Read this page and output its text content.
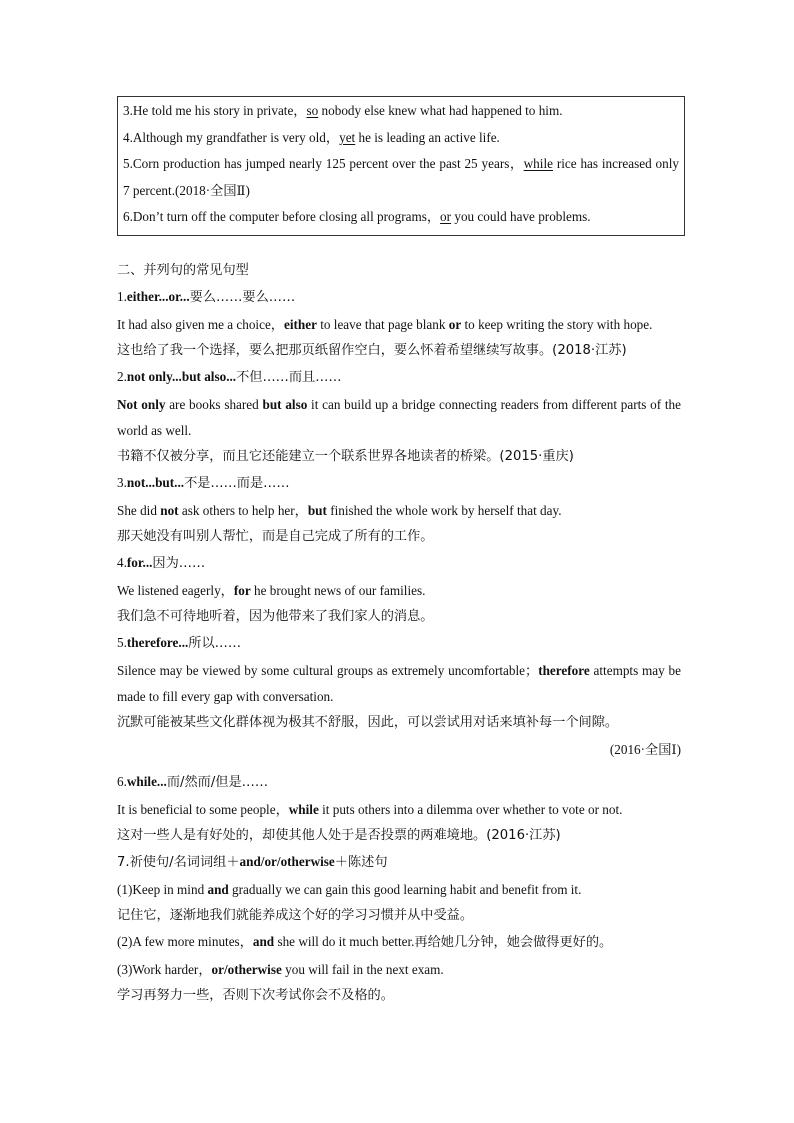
3.He told me his story in private，so nobody else knew what had happened to him.

4.Although my grandfather is very old，yet he is leading an active life.

5.Corn production has jumped nearly 125 percent over the past 25 years，while rice has increased only 7 percent.(2018·全国Ⅱ)

6.Don’t turn off the computer before closing all programs，or you could have problems.

二、并列句的常见句型

1.either...or...要么……要么……

It had also given me a choice，either to leave that page blank or to keep writing the story with hope.

这也给了我一个选择，要么把那页纸留作空白，要么怀着希望继续写故事。(2018·江苏)

2.not only...but also...不但……而且……

Not only are books shared but also it can build up a bridge connecting readers from different parts of the world as well.

书籍不仅被分享，而且它还能建立一个联系世界各地读者的桥梁。(2015·重庆)

3.not...but...不是……而是……

She did not ask others to help her，but finished the whole work by herself that day.

那天她没有叫别人帮忙，而是自己完成了所有的工作。

4.for...因为……

We listened eagerly，for he brought news of our families.

我们急不可待地听着，因为他带来了我们家人的消息。

5.therefore...所以……

Silence may be viewed by some cultural groups as extremely uncomfortable；therefore attempts may be made to fill every gap with conversation.

沉默可能被某些文化群体视为极其不舒服，因此，可以尝试用对话来填补每一个间隙。

(2016·全国Ⅰ)

6.while...而/然而/但是……

It is beneficial to some people，while it puts others into a dilemma over whether to vote or not.

这对一些人是有好处的，却使其他人处于是否投票的两难境地。(2016·江苏)

7.祈使句/名词词组＋and/or/otherwise＋陈述句

(1)Keep in mind and gradually we can gain this good learning habit and benefit from it.

记住它，逐渐地我们就能养成这个好的学习习惯并从中受益。

(2)A few more minutes，and she will do it much better.再给她几分钟，她会做得更好的。

(3)Work harder，or/otherwise you will fail in the next exam.

学习再努力一些，否则下次考试你会不及格的。
